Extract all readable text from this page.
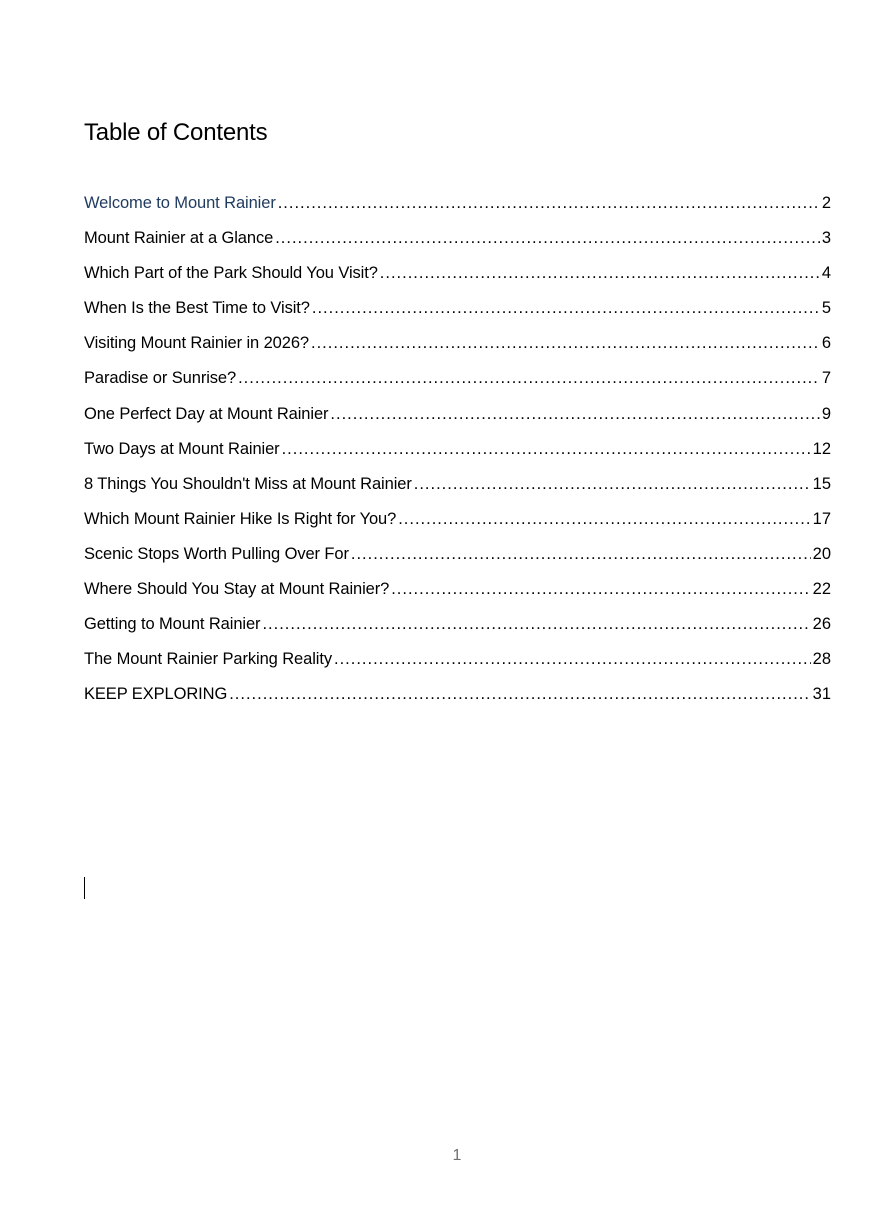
Table of Contents
Welcome to Mount Rainier .....	2
Mount Rainier at a Glance .....	3
Which Part of the Park Should You Visit? .....	4
When Is the Best Time to Visit? .....	5
Visiting Mount Rainier in 2026? .....	6
Paradise or Sunrise? .....	7
One Perfect Day at Mount Rainier .....	9
Two Days at Mount Rainier .....	12
8 Things You Shouldn't Miss at Mount Rainier .....	15
Which Mount Rainier Hike Is Right for You? .....	17
Scenic Stops Worth Pulling Over For .....	20
Where Should You Stay at Mount Rainier? .....	22
Getting to Mount Rainier .....	26
The Mount Rainier Parking Reality .....	28
KEEP EXPLORING .....	31
1
